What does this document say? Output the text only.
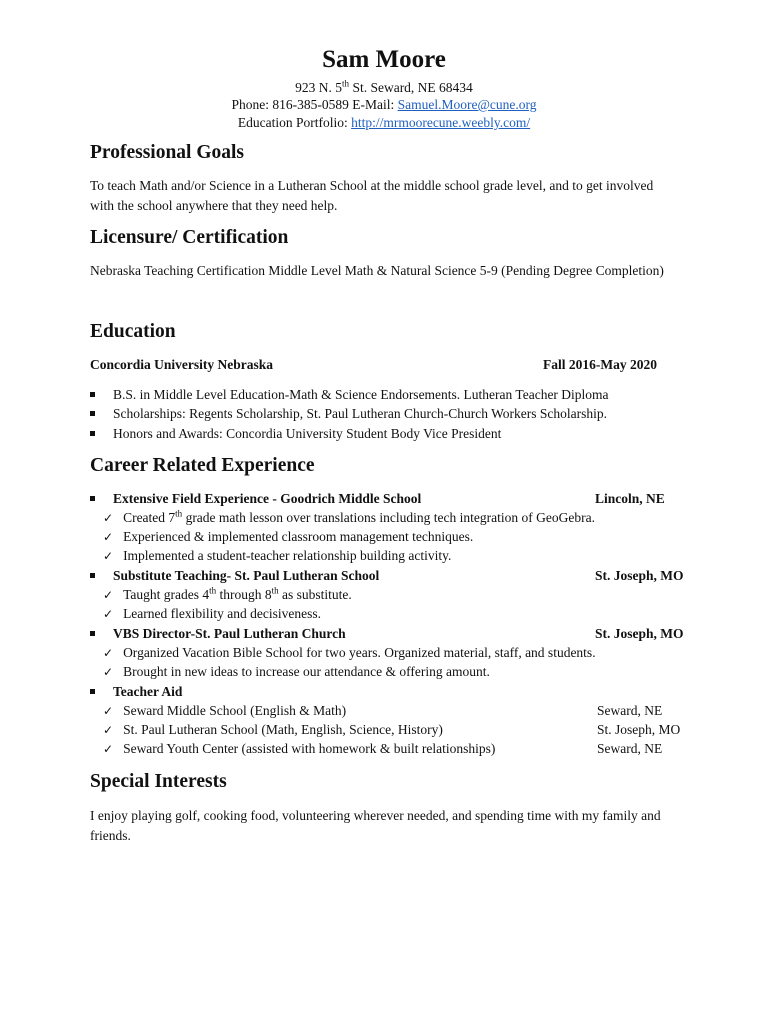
Sam Moore
923 N. 5th St. Seward, NE 68434
Phone: 816-385-0589 E-Mail: Samuel.Moore@cune.org
Education Portfolio: http://mrmoorecune.weebly.com/
Professional Goals
To teach Math and/or Science in a Lutheran School at the middle school grade level, and to get involved with the school anywhere that they need help.
Licensure/ Certification
Nebraska Teaching Certification Middle Level Math & Natural Science 5-9 (Pending Degree Completion)
Education
Concordia University Nebraska	Fall 2016-May 2020
B.S. in Middle Level Education-Math & Science Endorsements. Lutheran Teacher Diploma
Scholarships: Regents Scholarship, St. Paul Lutheran Church-Church Workers Scholarship.
Honors and Awards: Concordia University Student Body Vice President
Career Related Experience
Extensive Field Experience - Goodrich Middle School	Lincoln, NE
✓ Created 7th grade math lesson over translations including tech integration of GeoGebra.
✓ Experienced & implemented classroom management techniques.
✓ Implemented a student-teacher relationship building activity.
Substitute Teaching- St. Paul Lutheran School	St. Joseph, MO
✓ Taught grades 4th through 8th as substitute.
✓ Learned flexibility and decisiveness.
VBS Director-St. Paul Lutheran Church	St. Joseph, MO
✓ Organized Vacation Bible School for two years. Organized material, staff, and students.
✓ Brought in new ideas to increase our attendance & offering amount.
Teacher Aid
✓ Seward Middle School (English & Math)	Seward, NE
✓ St. Paul Lutheran School (Math, English, Science, History)	St. Joseph, MO
✓ Seward Youth Center (assisted with homework & built relationships)	Seward, NE
Special Interests
I enjoy playing golf, cooking food, volunteering wherever needed, and spending time with my family and friends.
